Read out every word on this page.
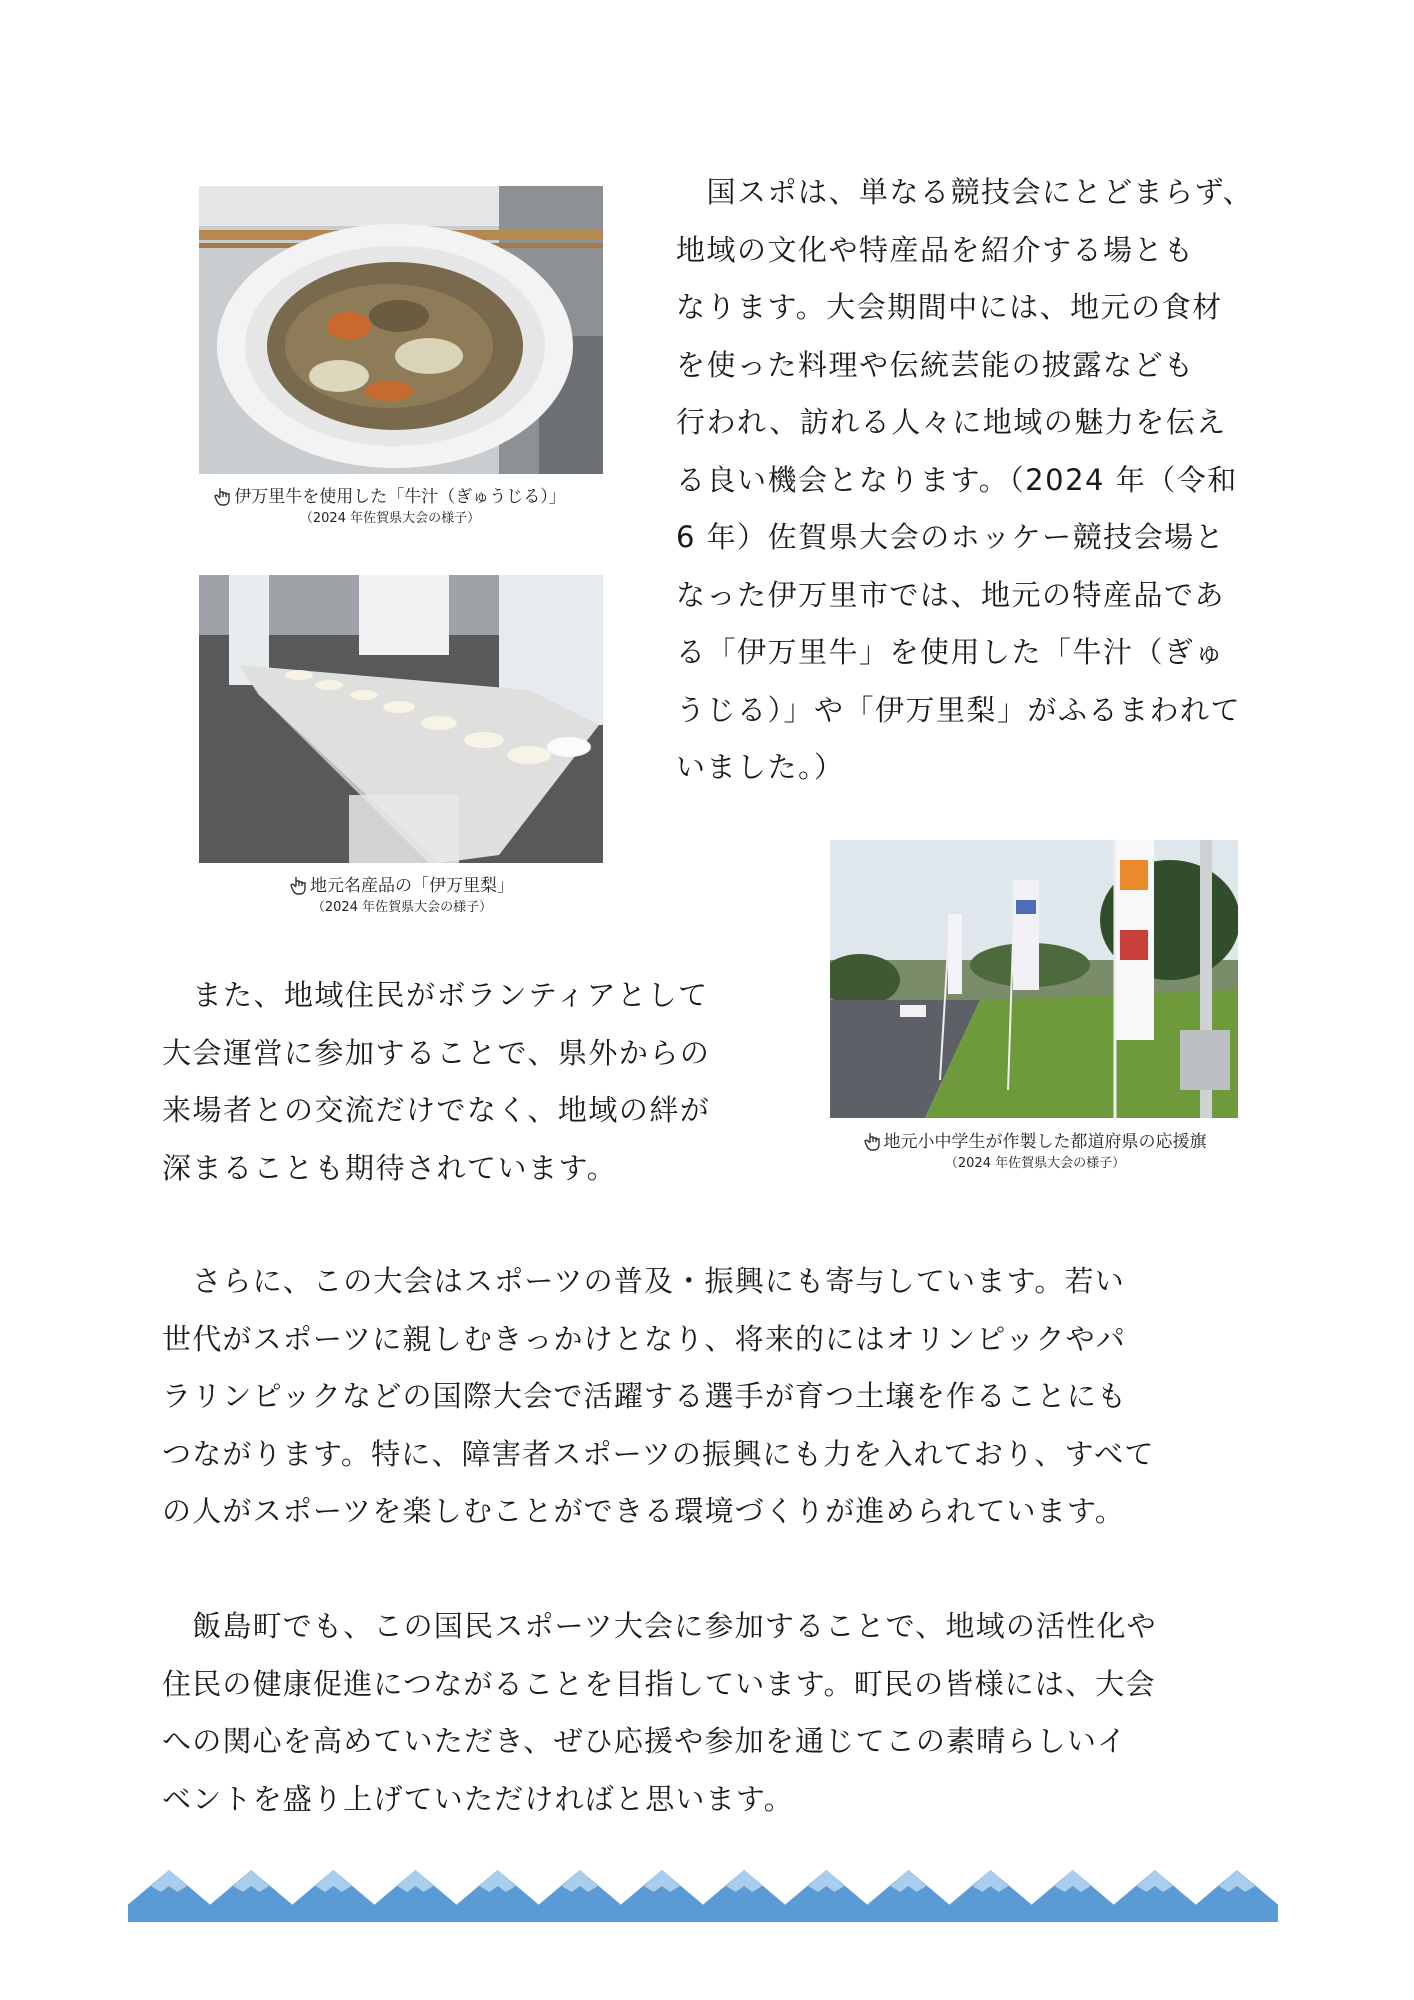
伊万里牛を使用した「牛汁（ぎゅうじる）」
（2024 年佐賀県大会の様子）
地元名産品の「伊万里梨」
（2024 年佐賀県大会の様子）
　国スポは、単なる競技会にとどまらず、
地域の文化や特産品を紹介する場とも
なります。大会期間中には、地元の食材
を使った料理や伝統芸能の披露なども
行われ、訪れる人々に地域の魅力を伝え
る良い機会となります。（2024 年（令和
6 年）佐賀県大会のホッケー競技会場と
なった伊万里市では、地元の特産品であ
る「伊万里牛」を使用した「牛汁（ぎゅ
うじる）」や「伊万里梨」がふるまわれて
いました。）
地元小中学生が作製した都道府県の応援旗
（2024 年佐賀県大会の様子）
　また、地域住民がボランティアとして
大会運営に参加することで、県外からの
来場者との交流だけでなく、地域の絆が
深まることも期待されています。
　さらに、この大会はスポーツの普及・振興にも寄与しています。若い
世代がスポーツに親しむきっかけとなり、将来的にはオリンピックやパ
ラリンピックなどの国際大会で活躍する選手が育つ土壌を作ることにも
つながります。特に、障害者スポーツの振興にも力を入れており、すべて
の人がスポーツを楽しむことができる環境づくりが進められています。
　飯島町でも、この国民スポーツ大会に参加することで、地域の活性化や
住民の健康促進につながることを目指しています。町民の皆様には、大会
への関心を高めていただき、ぜひ応援や参加を通じてこの素晴らしいイ
ベントを盛り上げていただければと思います。
